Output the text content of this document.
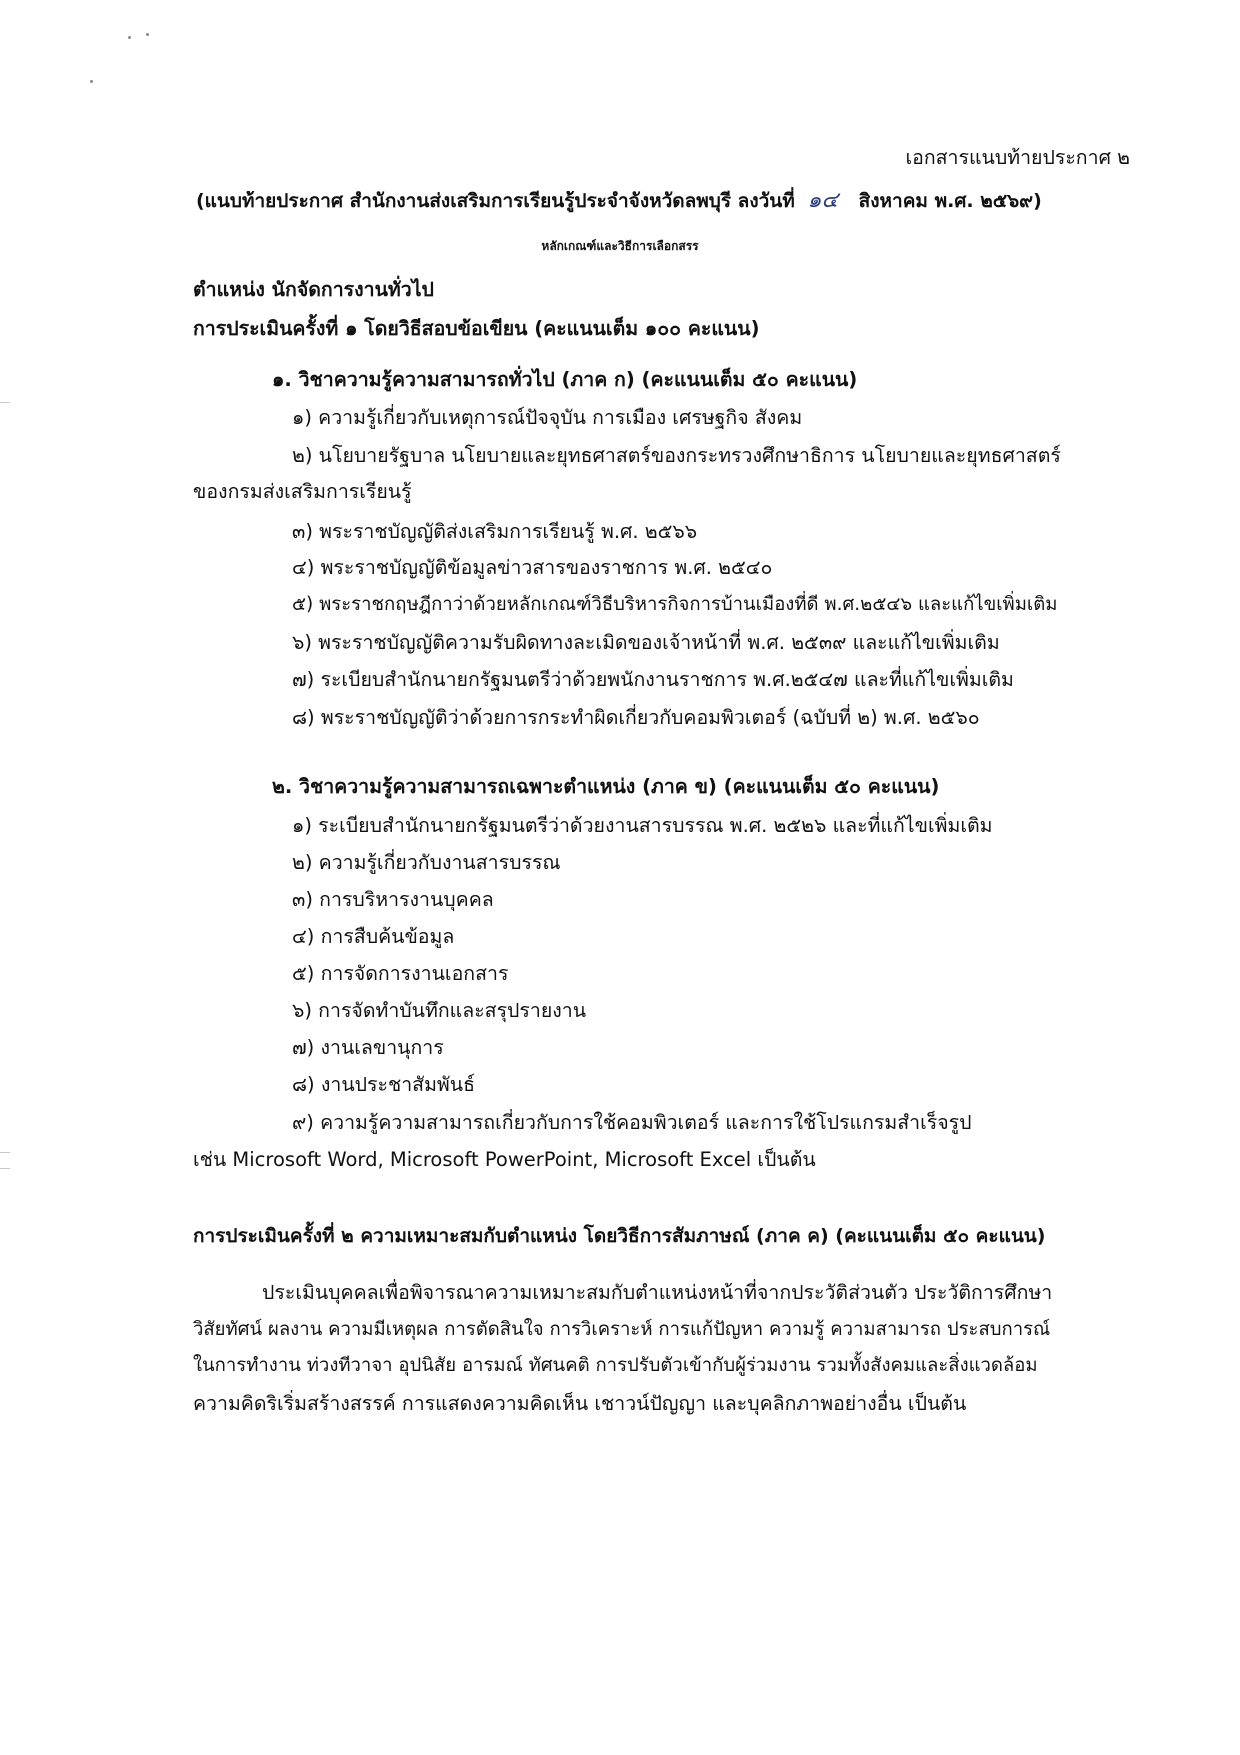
เอกสารแนบท้ายประกาศ ๒
(แนบท้ายประกาศ สำนักงานส่งเสริมการเรียนรู้ประจำจังหวัดลพบุรี ลงวันที่ ๑๔ สิงหาคม พ.ศ. ๒๕๖๙)
หลักเกณฑ์และวิธีการเลือกสรร
ตำแหน่ง นักจัดการงานทั่วไป
การประเมินครั้งที่ ๑ โดยวิธีสอบข้อเขียน (คะแนนเต็ม ๑๐๐ คะแนน)
๑. วิชาความรู้ความสามารถทั่วไป (ภาค ก) (คะแนนเต็ม ๕๐ คะแนน)
๑) ความรู้เกี่ยวกับเหตุการณ์ปัจจุบัน การเมือง เศรษฐกิจ สังคม
๒) นโยบายรัฐบาล นโยบายและยุทธศาสตร์ของกระทรวงศึกษาธิการ นโยบายและยุทธศาสตร์
ของกรมส่งเสริมการเรียนรู้
๓) พระราชบัญญัติส่งเสริมการเรียนรู้ พ.ศ. ๒๕๖๖
๔) พระราชบัญญัติข้อมูลข่าวสารของราชการ พ.ศ. ๒๕๔๐
๕) พระราชกฤษฎีกาว่าด้วยหลักเกณฑ์วิธีบริหารกิจการบ้านเมืองที่ดี พ.ศ.๒๕๔๖ และแก้ไขเพิ่มเติม
๖) พระราชบัญญัติความรับผิดทางละเมิดของเจ้าหน้าที่ พ.ศ. ๒๕๓๙ และแก้ไขเพิ่มเติม
๗) ระเบียบสำนักนายกรัฐมนตรีว่าด้วยพนักงานราชการ พ.ศ.๒๕๔๗ และที่แก้ไขเพิ่มเติม
๘) พระราชบัญญัติว่าด้วยการกระทำผิดเกี่ยวกับคอมพิวเตอร์ (ฉบับที่ ๒) พ.ศ. ๒๕๖๐
๒. วิชาความรู้ความสามารถเฉพาะตำแหน่ง (ภาค ข) (คะแนนเต็ม ๕๐ คะแนน)
๑) ระเบียบสำนักนายกรัฐมนตรีว่าด้วยงานสารบรรณ พ.ศ. ๒๕๒๖ และที่แก้ไขเพิ่มเติม
๒) ความรู้เกี่ยวกับงานสารบรรณ
๓) การบริหารงานบุคคล
๔) การสืบค้นข้อมูล
๕) การจัดการงานเอกสาร
๖) การจัดทำบันทึกและสรุปรายงาน
๗) งานเลขานุการ
๘) งานประชาสัมพันธ์
๙) ความรู้ความสามารถเกี่ยวกับการใช้คอมพิวเตอร์ และการใช้โปรแกรมสำเร็จรูป
เช่น Microsoft Word, Microsoft PowerPoint, Microsoft Excel เป็นต้น
การประเมินครั้งที่ ๒ ความเหมาะสมกับตำแหน่ง โดยวิธีการสัมภาษณ์ (ภาค ค) (คะแนนเต็ม ๕๐ คะแนน)
ประเมินบุคคลเพื่อพิจารณาความเหมาะสมกับตำแหน่งหน้าที่จากประวัติส่วนตัว ประวัติการศึกษา
วิสัยทัศน์ ผลงาน ความมีเหตุผล การตัดสินใจ การวิเคราะห์ การแก้ปัญหา ความรู้ ความสามารถ ประสบการณ์
ในการทำงาน ท่วงทีวาจา อุปนิสัย อารมณ์ ทัศนคติ การปรับตัวเข้ากับผู้ร่วมงาน รวมทั้งสังคมและสิ่งแวดล้อม
ความคิดริเริ่มสร้างสรรค์ การแสดงความคิดเห็น เชาวน์ปัญญา และบุคลิกภาพอย่างอื่น เป็นต้น
